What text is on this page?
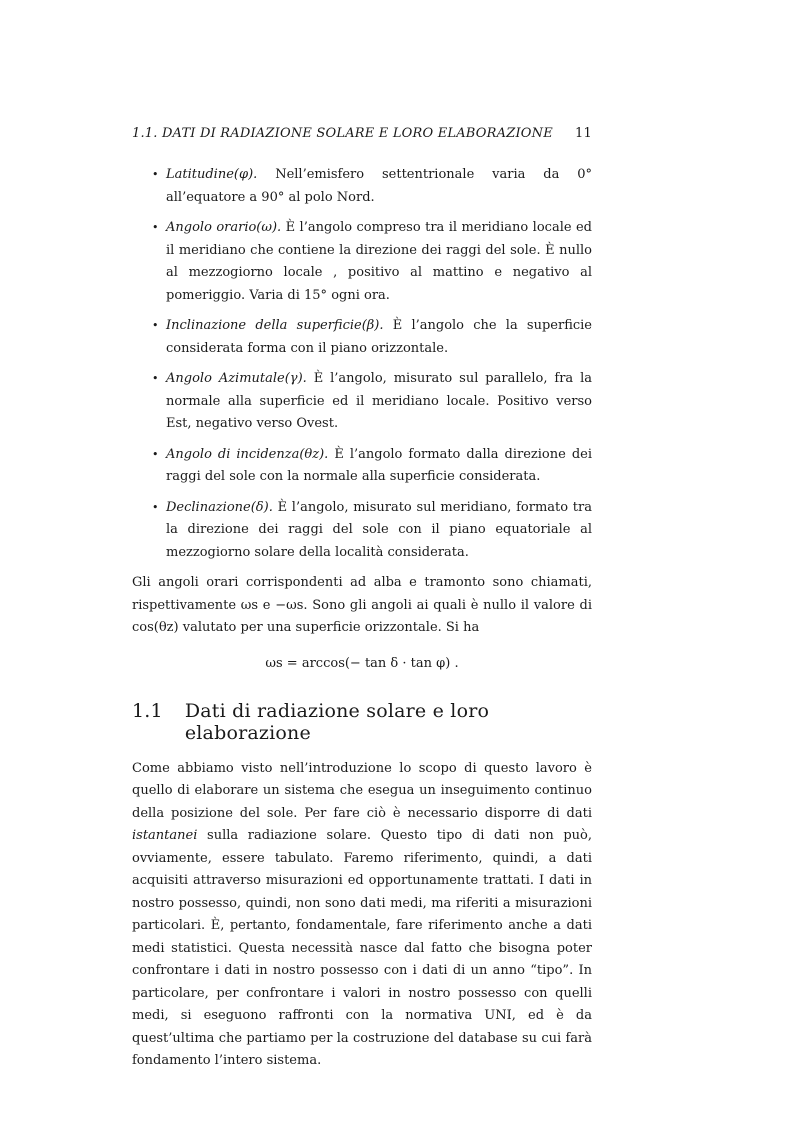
1.1. DATI DI RADIAZIONE SOLARE E LORO ELABORAZIONE 11
• Latitudine(φ). Nell’emisfero settentrionale varia da 0° all’equatore a 90° al polo Nord.
• Angolo orario(ω). È l’angolo compreso tra il meridiano locale ed il meridiano che contiene la direzione dei raggi del sole. È nullo al mezzogiorno locale , positivo al mattino e negativo al pomeriggio. Varia di 15° ogni ora.
• Inclinazione della superficie(β). È l’angolo che la superficie considerata forma con il piano orizzontale.
• Angolo Azimutale(γ). È l’angolo, misurato sul parallelo, fra la normale alla superficie ed il meridiano locale. Positivo verso Est, negativo verso Ovest.
• Angolo di incidenza(θz). È l’angolo formato dalla direzione dei raggi del sole con la normale alla superficie considerata.
• Declinazione(δ). È l’angolo, misurato sul meridiano, formato tra la direzione dei raggi del sole con il piano equatoriale al mezzogiorno solare della località considerata.

Gli angoli orari corrispondenti ad alba e tramonto sono chiamati, rispettivamente ωs e −ωs. Sono gli angoli ai quali è nullo il valore di cos(θz) valutato per una superficie orizzontale. Si ha

ωs = arccos(− tan δ · tan φ) .
1.1 Dati di radiazione solare e loro elaborazione

Come abbiamo visto nell’introduzione lo scopo di questo lavoro è quello di elaborare un sistema che esegua un inseguimento continuo della posizione del sole. Per fare ciò è necessario disporre di dati istantanei sulla radiazione solare. Questo tipo di dati non può, ovviamente, essere tabulato. Faremo riferimento, quindi, a dati acquisiti attraverso misurazioni ed opportunamente trattati. I dati in nostro possesso, quindi, non sono dati medi, ma riferiti a misurazioni particolari. È, pertanto, fondamentale, fare riferimento anche a dati medi statistici. Questa necessità nasce dal fatto che bisogna poter confrontare i dati in nostro possesso con i dati di un anno “tipo”. In particolare, per confrontare i valori in nostro possesso con quelli medi, si eseguono raffronti con la normativa UNI, ed è da quest’ultima che partiamo per la costruzione del database su cui farà fondamento l’intero sistema.
